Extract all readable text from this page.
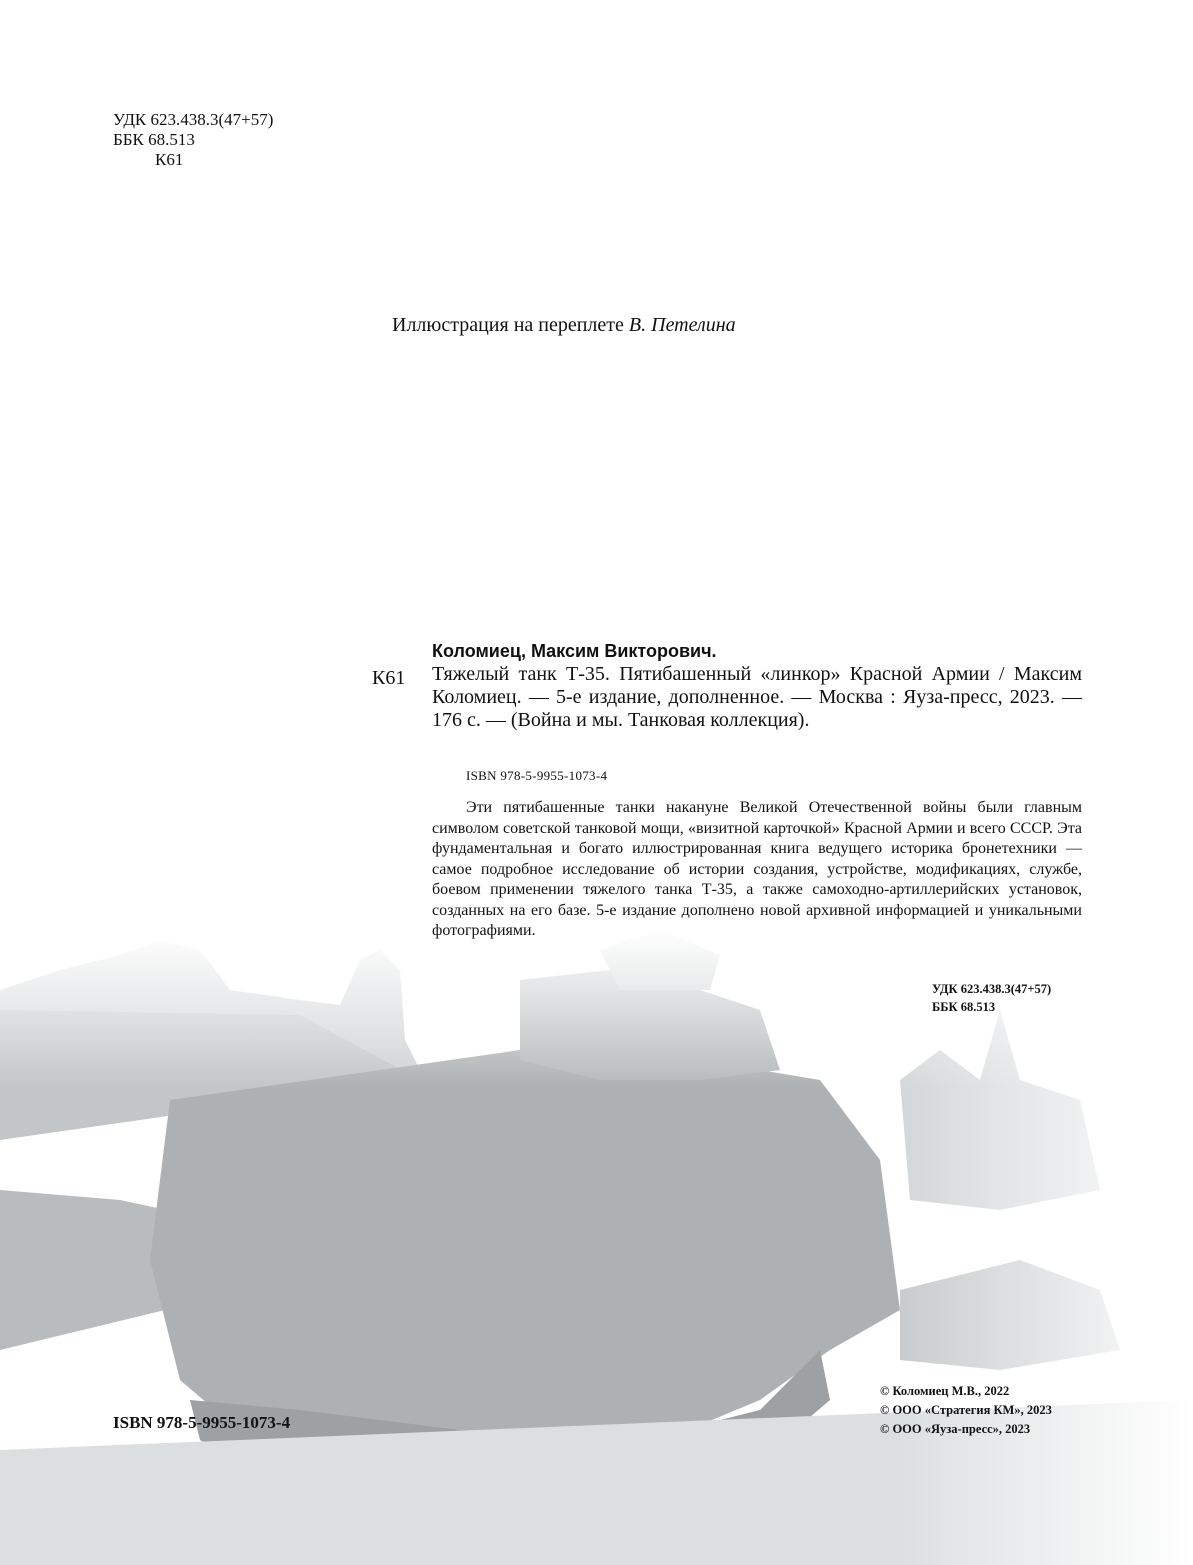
УДК 623.438.3(47+57)
ББК 68.513
К61
Иллюстрация на переплете В. Петелина
К61
Коломиец, Максим Викторович.

Тяжелый танк Т-35. Пятибашенный «линкор» Красной Армии / Максим Коломиец. — 5-е издание, дополненное. — Москва : Яуза-пресс, 2023. — 176 с. — (Война и мы. Танковая коллекция).

ISBN 978-5-9955-1073-4

Эти пятибашенные танки накануне Великой Отечественной войны были главным символом советской танковой мощи, «визитной карточкой» Красной Армии и всего СССР. Эта фундаментальная и богато иллюстрированная книга ведущего историка бронетехники — самое подробное исследование об истории создания, устройстве, модификациях, службе, боевом применении тяжелого танка Т-35, а также самоходно-артиллерийских установок, созданных на его базе. 5-е издание дополнено новой архивной информацией и уникальными фотографиями.

УДК 623.438.3(47+57)
ББК 68.513
ISBN 978-5-9955-1073-4
© Коломиец М.В., 2022
© ООО «Стратегия КМ», 2023
© ООО «Яуза-пресс», 2023
